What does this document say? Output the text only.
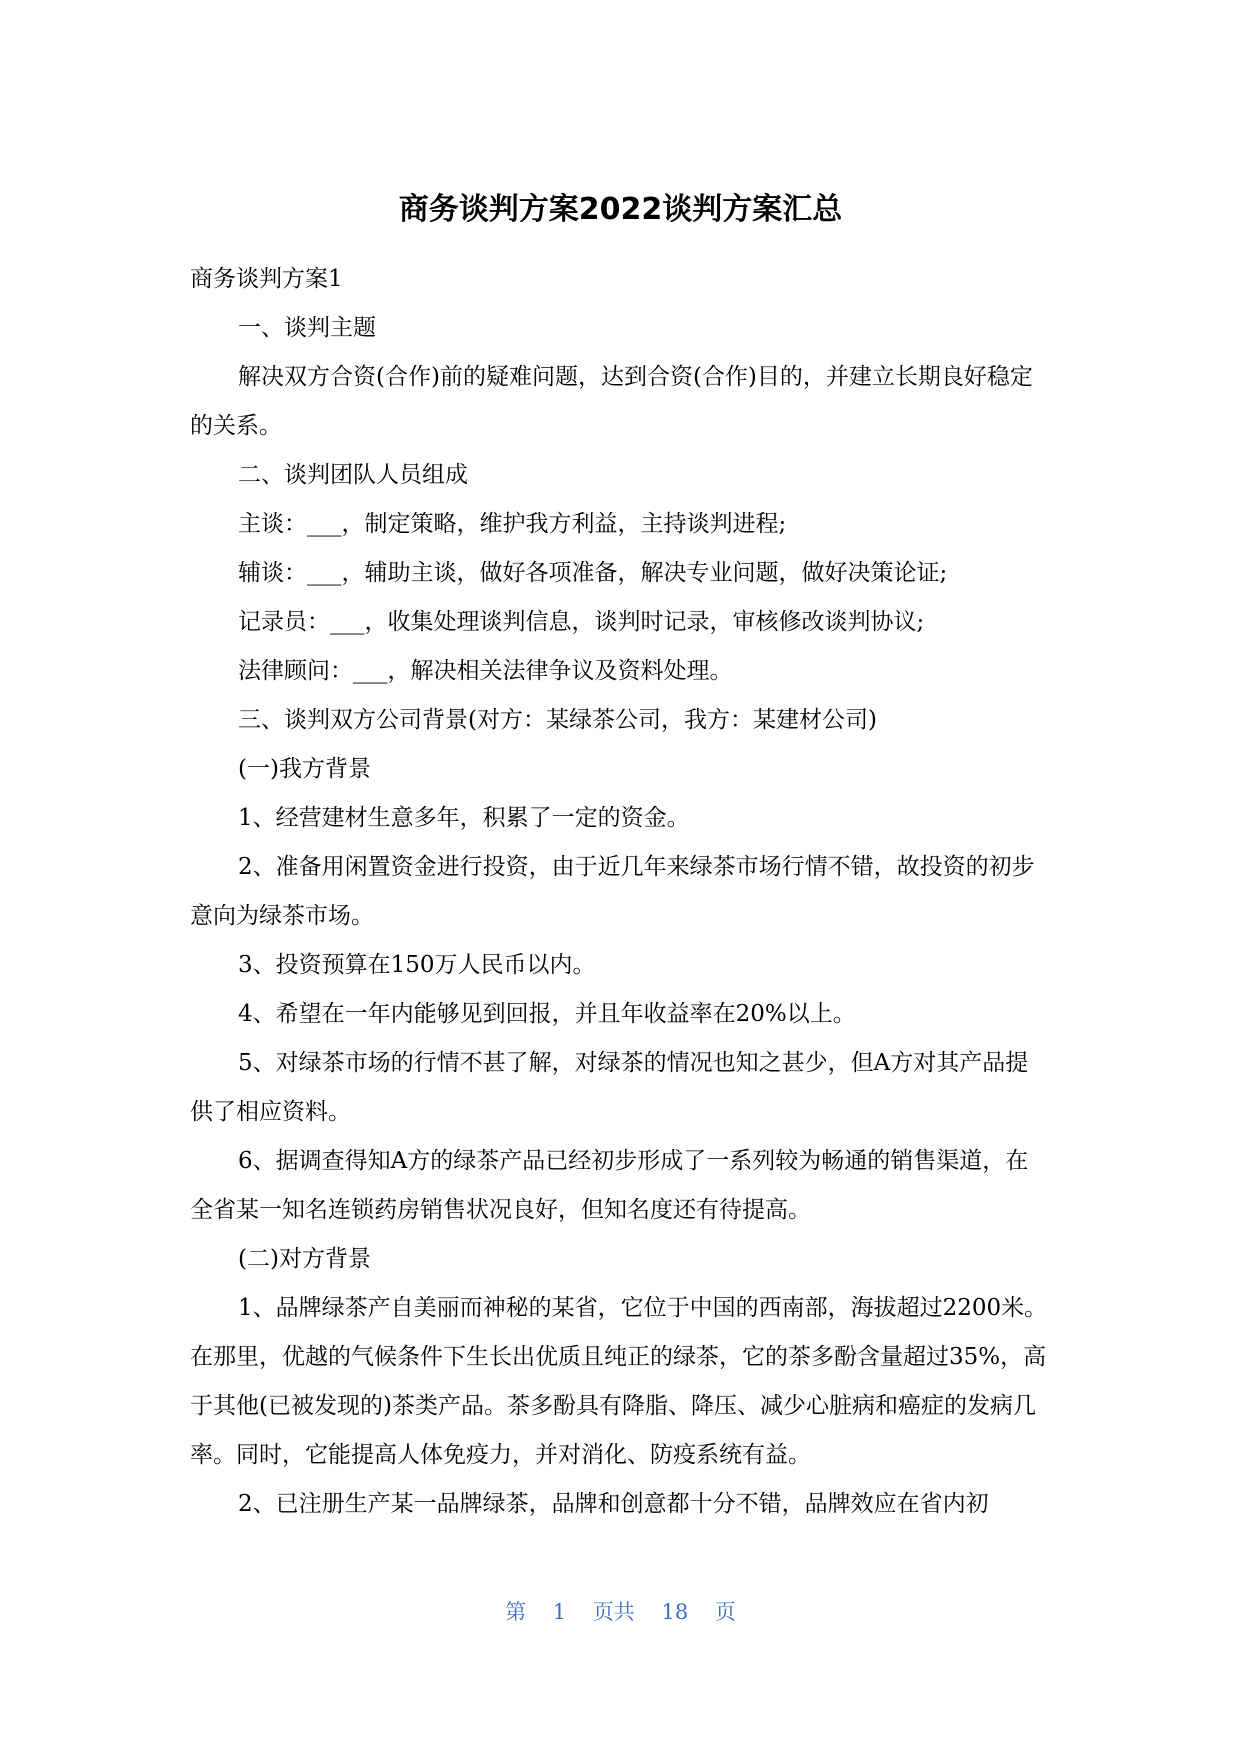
商务谈判方案2022谈判方案汇总

商务谈判方案1

一、谈判主题

解决双方合资(合作)前的疑难问题，达到合资(合作)目的，并建立长期良好稳定的关系。

二、谈判团队人员组成

主谈：___，制定策略，维护我方利益，主持谈判进程;

辅谈：___，辅助主谈，做好各项准备，解决专业问题，做好决策论证;

记录员：___，收集处理谈判信息，谈判时记录，审核修改谈判协议;

法律顾问：___，解决相关法律争议及资料处理。

三、谈判双方公司背景(对方：某绿茶公司，我方：某建材公司)

(一)我方背景

1、经营建材生意多年，积累了一定的资金。

2、准备用闲置资金进行投资，由于近几年来绿茶市场行情不错，故投资的初步意向为绿茶市场。

3、投资预算在150万人民币以内。

4、希望在一年内能够见到回报，并且年收益率在20%以上。

5、对绿茶市场的行情不甚了解，对绿茶的情况也知之甚少，但A方对其产品提供了相应资料。

6、据调查得知A方的绿茶产品已经初步形成了一系列较为畅通的销售渠道，在全省某一知名连锁药房销售状况良好，但知名度还有待提高。

(二)对方背景

1、品牌绿茶产自美丽而神秘的某省，它位于中国的西南部，海拔超过2200米。在那里，优越的气候条件下生长出优质且纯正的绿茶，它的茶多酚含量超过35%，高于其他(已被发现的)茶类产品。茶多酚具有降脂、降压、减少心脏病和癌症的发病几率。同时，它能提高人体免疫力，并对消化、防疫系统有益。

2、已注册生产某一品牌绿茶，品牌和创意都十分不错，品牌效应在省内初

第 1 页共 18 页
